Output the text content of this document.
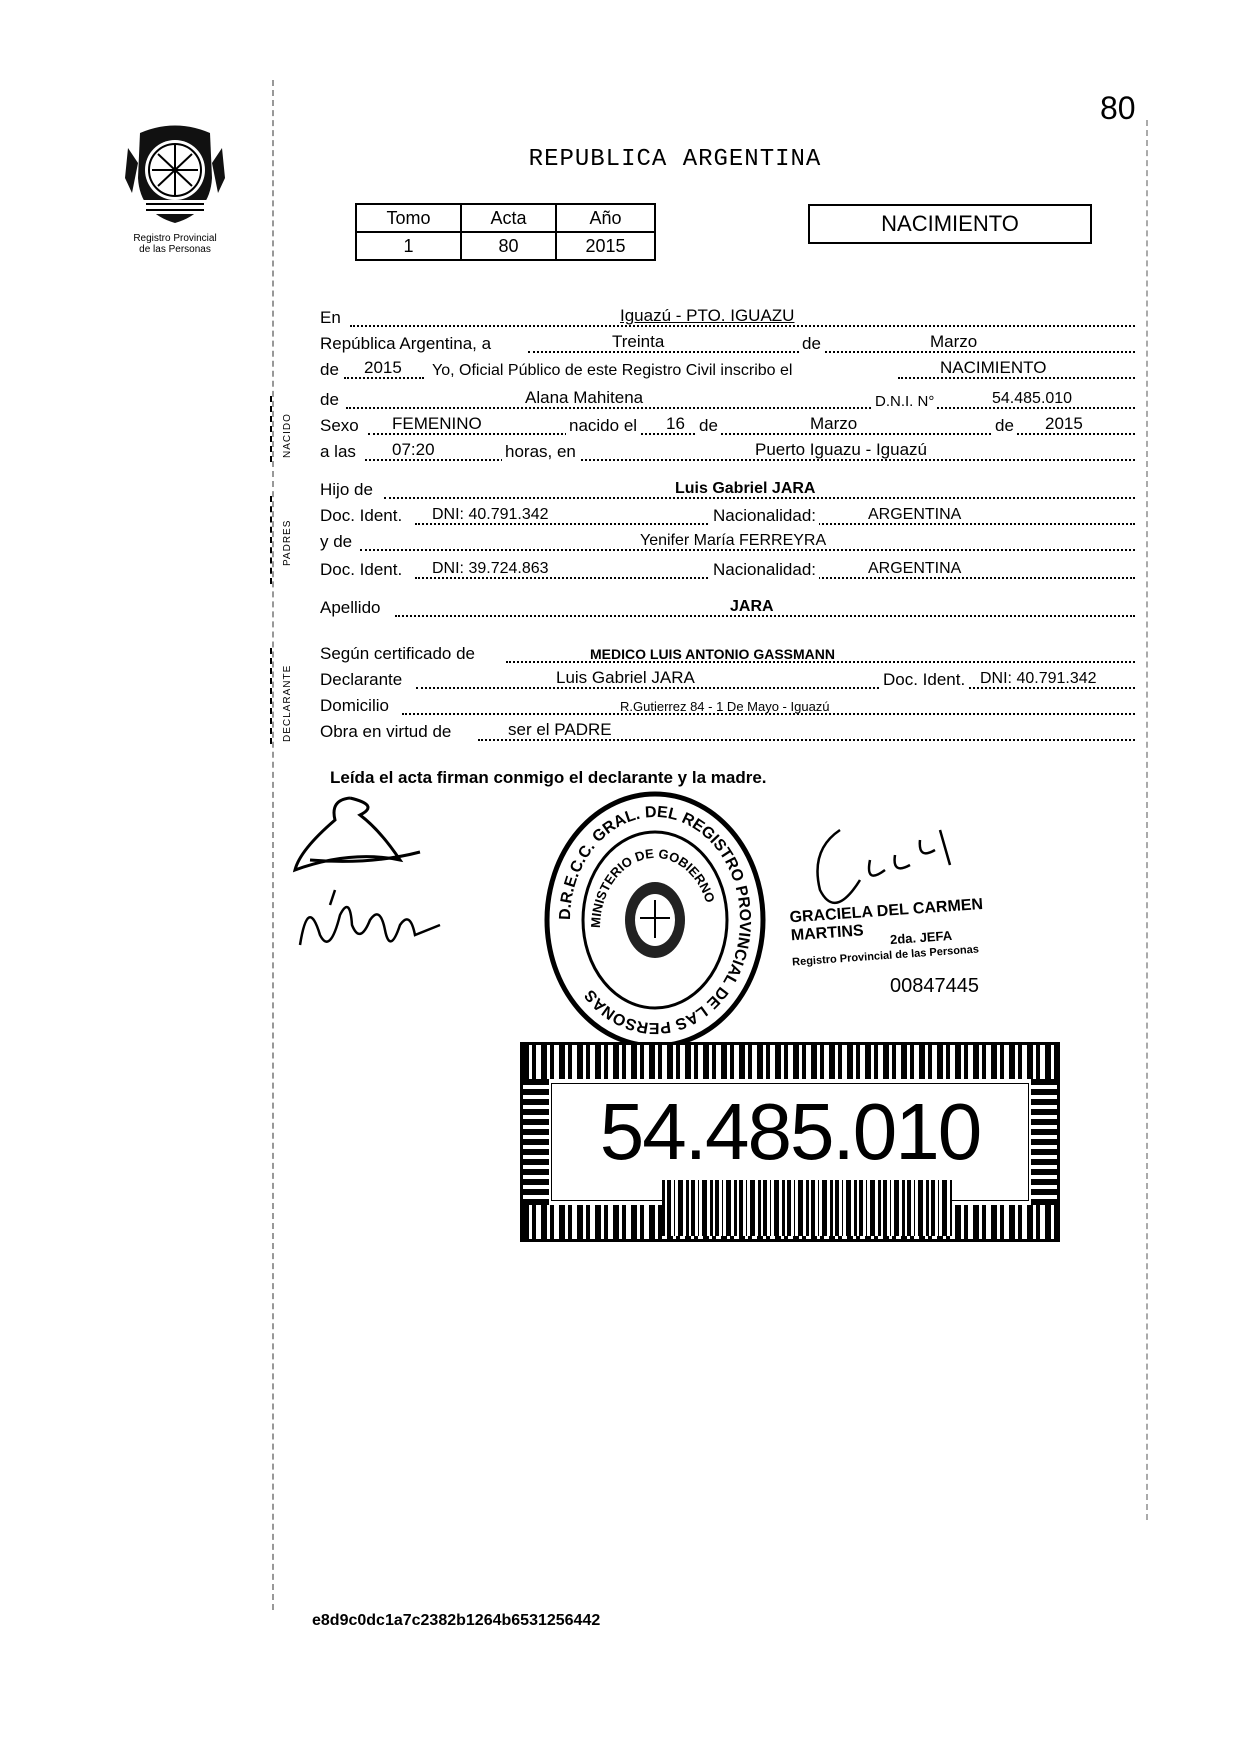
80
Registro Provincial
de las Personas
REPUBLICA ARGENTINA
Tomo	Acta	Año
1	80	2015
NACIMIENTO
En	Iguazú - PTO. IGUAZU
República Argentina, a	Treinta	de	Marzo
de 2015 Yo, Oficial Público de este Registro Civil inscribo el	NACIMIENTO
NACIDO
de	Alana Mahitena	D.N.I. N°	54.485.010
Sexo FEMENINO	nacido el 16 de	Marzo	de 2015
a las 07:20	horas, en	Puerto Iguazu - Iguazú
PADRES
Hijo de	Luis Gabriel JARA
Doc. Ident. DNI: 40.791.342	Nacionalidad:	ARGENTINA
y de	Yenifer María FERREYRA
Doc. Ident. DNI: 39.724.863	Nacionalidad:	ARGENTINA
Apellido	JARA
DECLARANTE
Según certificado de	MEDICO LUIS ANTONIO GASSMANN
Declarante	Luis Gabriel JARA	Doc. Ident. DNI: 40.791.342
Domicilio	R.Gutierrez 84 - 1 De Mayo - Iguazú
Obra en virtud de	ser el PADRE
Leída el acta firman conmigo el declarante y la madre.
D.R.E.C.C. GRAL. DEL REGISTRO PROVINCIAL DE LAS PERSONAS
MINISTERIO DE GOBIERNO	GRACIELA DEL CARMEN MARTINS	2da. JEFA
Registro Provincial de las Personas
00847445
54.485.010
e8d9c0dc1a7c2382b1264b6531256442
